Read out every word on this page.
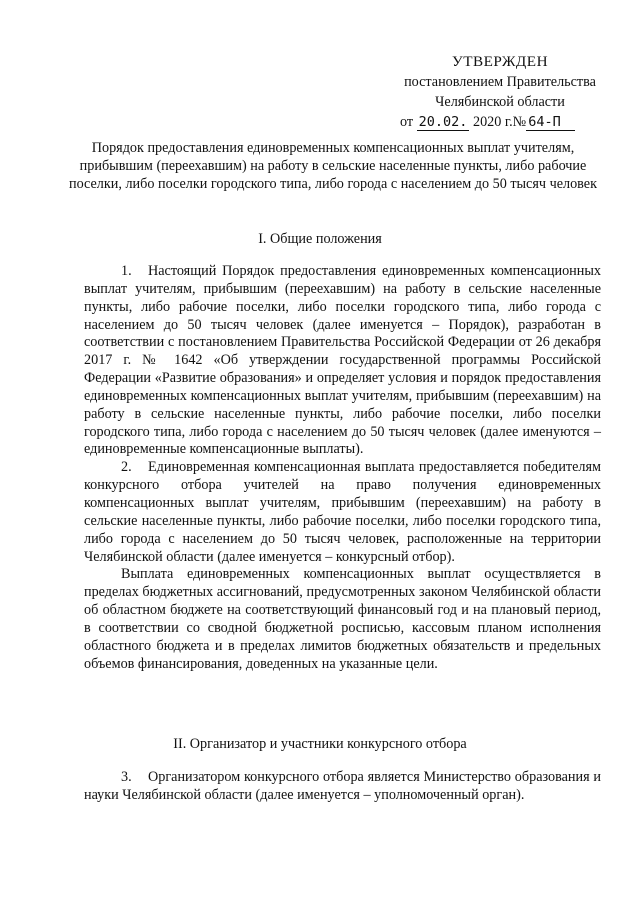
УТВЕРЖДЕН
постановлением Правительства
Челябинской области
от 20.02. 2020 г.№ 64-П
Порядок предоставления единовременных компенсационных выплат учителям, прибывшим (переехавшим) на работу в сельские населенные пункты, либо рабочие поселки, либо поселки городского типа, либо города с населением до 50 тысяч человек
I. Общие положения

1. Настоящий Порядок предоставления единовременных компенсационных выплат учителям, прибывшим (переехавшим) на работу в сельские населенные пункты, либо рабочие поселки, либо поселки городского типа, либо города с населением до 50 тысяч человек (далее именуется – Порядок), разработан в соответствии с постановлением Правительства Российской Федерации от 26 декабря 2017 г. № 1642 «Об утверждении государственной программы Российской Федерации «Развитие образования» и определяет условия и порядок предоставления единовременных компенсационных выплат учителям, прибывшим (переехавшим) на работу в сельские населенные пункты, либо рабочие поселки, либо поселки городского типа, либо города с населением до 50 тысяч человек (далее именуются – единовременные компенсационные выплаты).

2. Единовременная компенсационная выплата предоставляется победителям конкурсного отбора учителей на право получения единовременных компенсационных выплат учителям, прибывшим (переехавшим) на работу в сельские населенные пункты, либо рабочие поселки, либо поселки городского типа, либо города с населением до 50 тысяч человек, расположенные на территории Челябинской области (далее именуется – конкурсный отбор).

Выплата единовременных компенсационных выплат осуществляется в пределах бюджетных ассигнований, предусмотренных законом Челябинской области об областном бюджете на соответствующий финансовый год и на плановый период, в соответствии со сводной бюджетной росписью, кассовым планом исполнения областного бюджета и в пределах лимитов бюджетных обязательств и предельных объемов финансирования, доведенных на указанные цели.

II. Организатор и участники конкурсного отбора

3. Организатором конкурсного отбора является Министерство образования и науки Челябинской области (далее именуется – уполномоченный орган).
